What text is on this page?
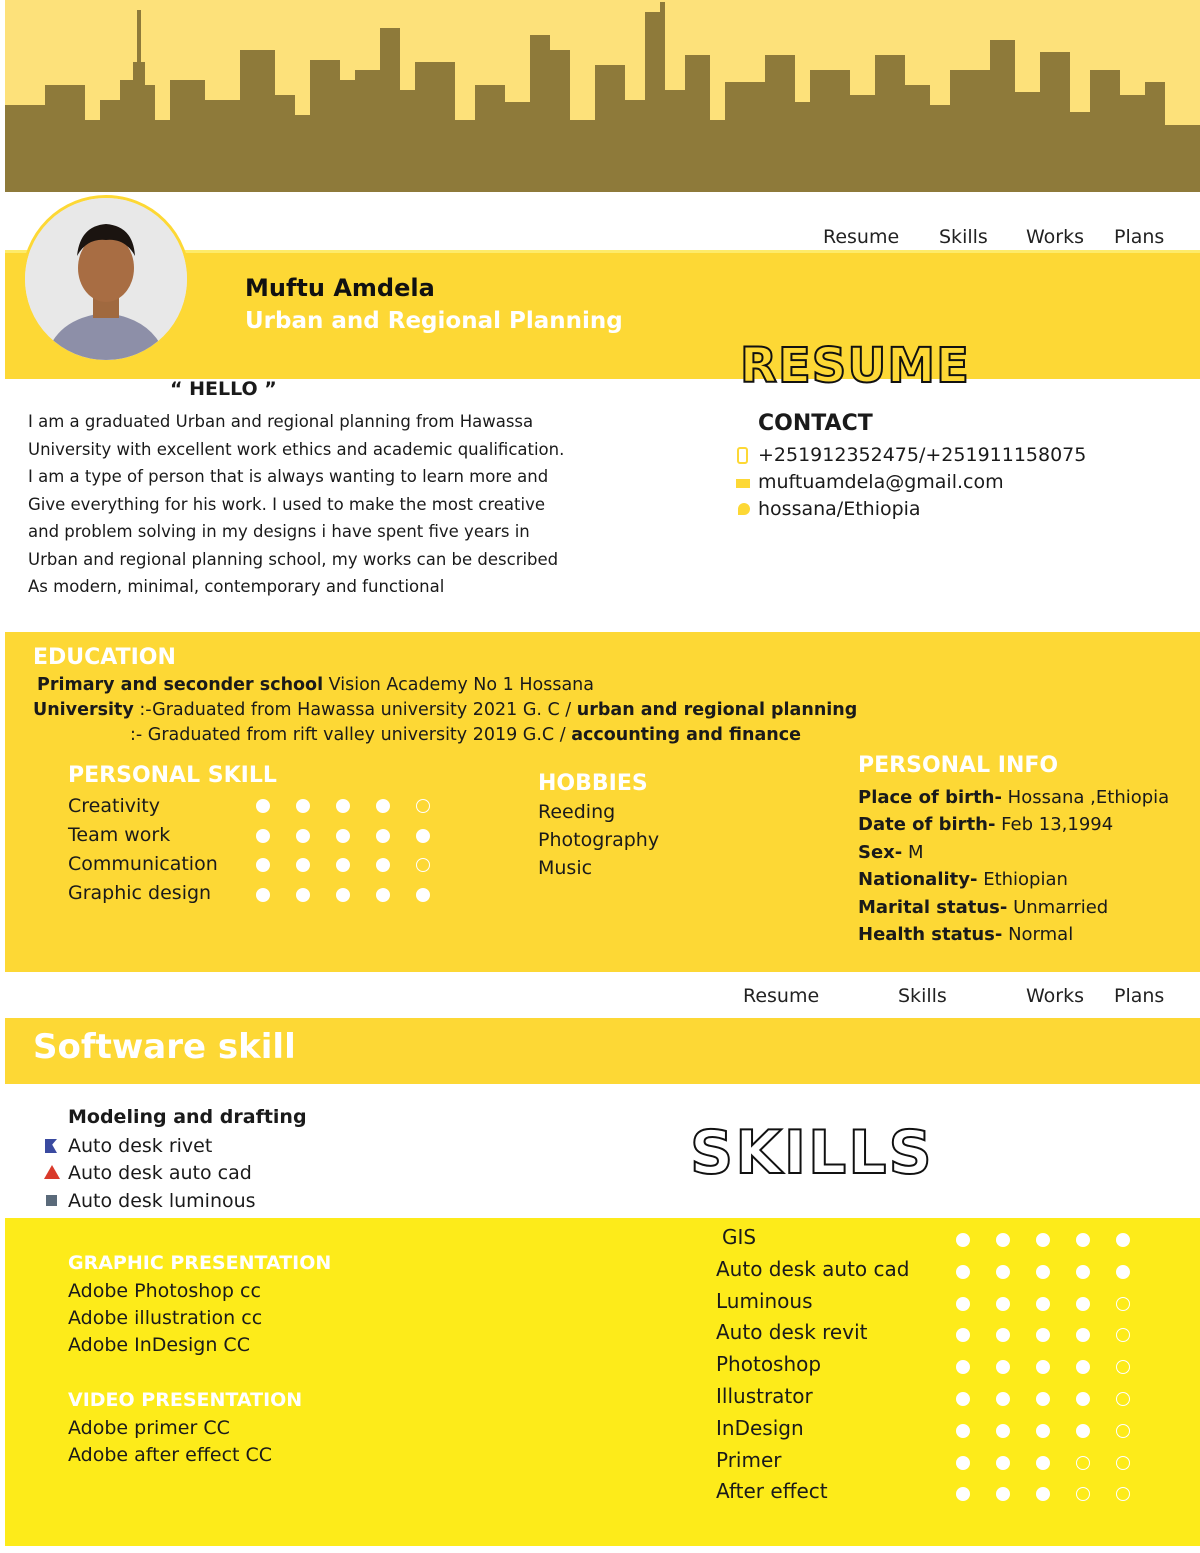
Resume Skills Works Plans
Muftu Amdela
Urban and Regional Planning
“ HELLO ”
I am a graduated Urban and regional planning from Hawassa
University with excellent work ethics and academic qualification.
I am a type of person that is always wanting to learn more and
Give everything for his work. I used to make the most creative
and problem solving in my designs i have spent five years in
Urban and regional planning school, my works can be described
As modern, minimal, contemporary and functional
RESUME
CONTACT
+251912352475/+251911158075
muftuamdela@gmail.com
hossana/Ethiopia
EDUCATION
Primary and seconder school Vision Academy No 1 Hossana
University :-Graduated from Hawassa university 2021 G. C / urban and regional planning
:- Graduated from rift valley university 2019 G.C / accounting and finance
PERSONAL SKILL
Creativity
Team work
Communication
Graphic design
HOBBIES
Reeding
Photography
Music
PERSONAL INFO
Place of birth- Hossana ,Ethiopia
Date of birth- Feb 13,1994
Sex- M
Nationality- Ethiopian
Marital status- Unmarried
Health status- Normal
Resume	Skills	Works Plans
Software skill
Modeling and drafting
Auto desk rivet
Auto desk auto cad
Auto desk luminous
SKILLS
GRAPHIC PRESENTATION
Adobe Photoshop cc
Adobe illustration cc
Adobe InDesign CC
VIDEO PRESENTATION
Adobe primer CC
Adobe after effect CC
GIS
Auto desk auto cad
Luminous
Auto desk revit
Photoshop
Illustrator
InDesign
Primer
After effect
